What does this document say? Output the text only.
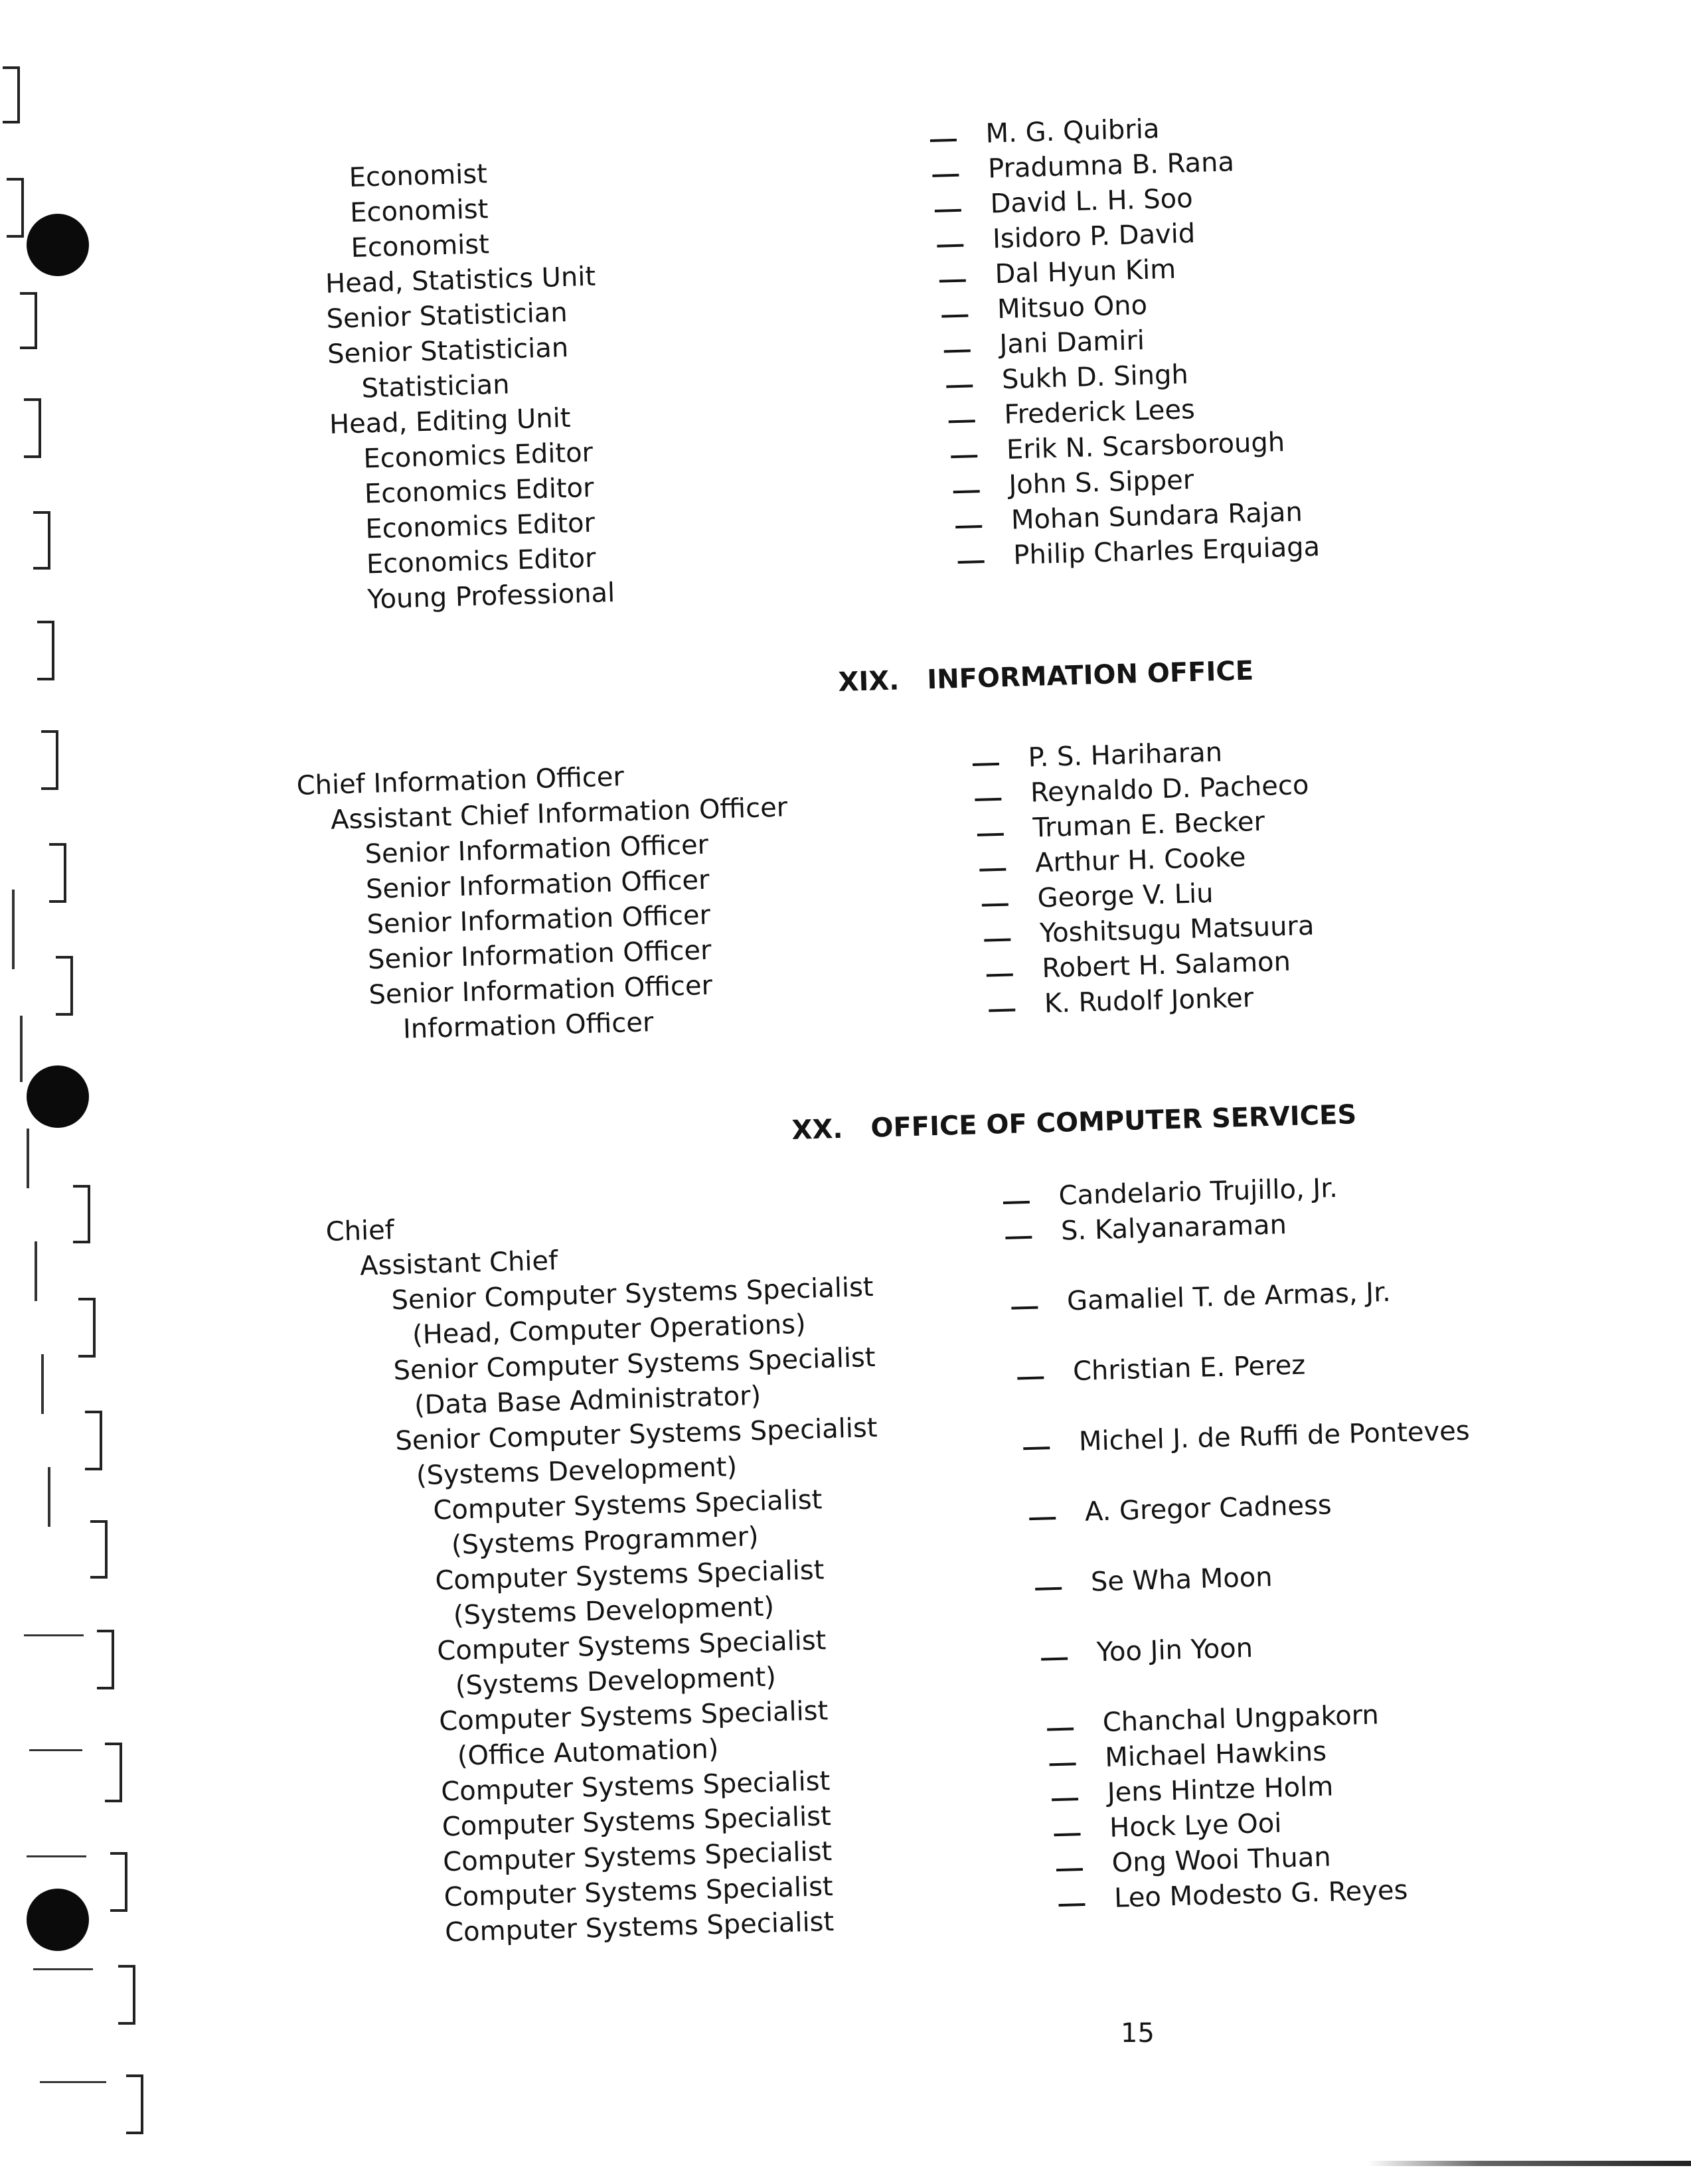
Economist
Economist
Economist
Head, Statistics Unit
Senior Statistician
Senior Statistician
Statistician
Head, Editing Unit
Economics Editor
Economics Editor
Economics Editor
Economics Editor
Young Professional
M. G. Quibria
Pradumna B. Rana
David L. H. Soo
Isidoro P. David
Dal Hyun Kim
Mitsuo Ono
Jani Damiri
Sukh D. Singh
Frederick Lees
Erik N. Scarsborough
John S. Sipper
Mohan Sundara Rajan
Philip Charles Erquiaga
XIX. INFORMATION OFFICE
Chief Information Officer
Assistant Chief Information Officer
Senior Information Officer
Senior Information Officer
Senior Information Officer
Senior Information Officer
Senior Information Officer
Information Officer
P. S. Hariharan
Reynaldo D. Pacheco
Truman E. Becker
Arthur H. Cooke
George V. Liu
Yoshitsugu Matsuura
Robert H. Salamon
K. Rudolf Jonker
XX. OFFICE OF COMPUTER SERVICES
Chief
Assistant Chief
Senior Computer Systems Specialist
(Head, Computer Operations)
Senior Computer Systems Specialist
(Data Base Administrator)
Senior Computer Systems Specialist
(Systems Development)
Computer Systems Specialist
(Systems Programmer)
Computer Systems Specialist
(Systems Development)
Computer Systems Specialist
(Systems Development)
Computer Systems Specialist
(Office Automation)
Computer Systems Specialist
Computer Systems Specialist
Computer Systems Specialist
Computer Systems Specialist
Computer Systems Specialist
Candelario Trujillo, Jr.
S. Kalyanaraman
Gamaliel T. de Armas, Jr.
Christian E. Perez
Michel J. de Ruffi de Ponteves
A. Gregor Cadness
Se Wha Moon
Yoo Jin Yoon
Chanchal Ungpakorn
Michael Hawkins
Jens Hintze Holm
Hock Lye Ooi
Ong Wooi Thuan
Leo Modesto G. Reyes
15
